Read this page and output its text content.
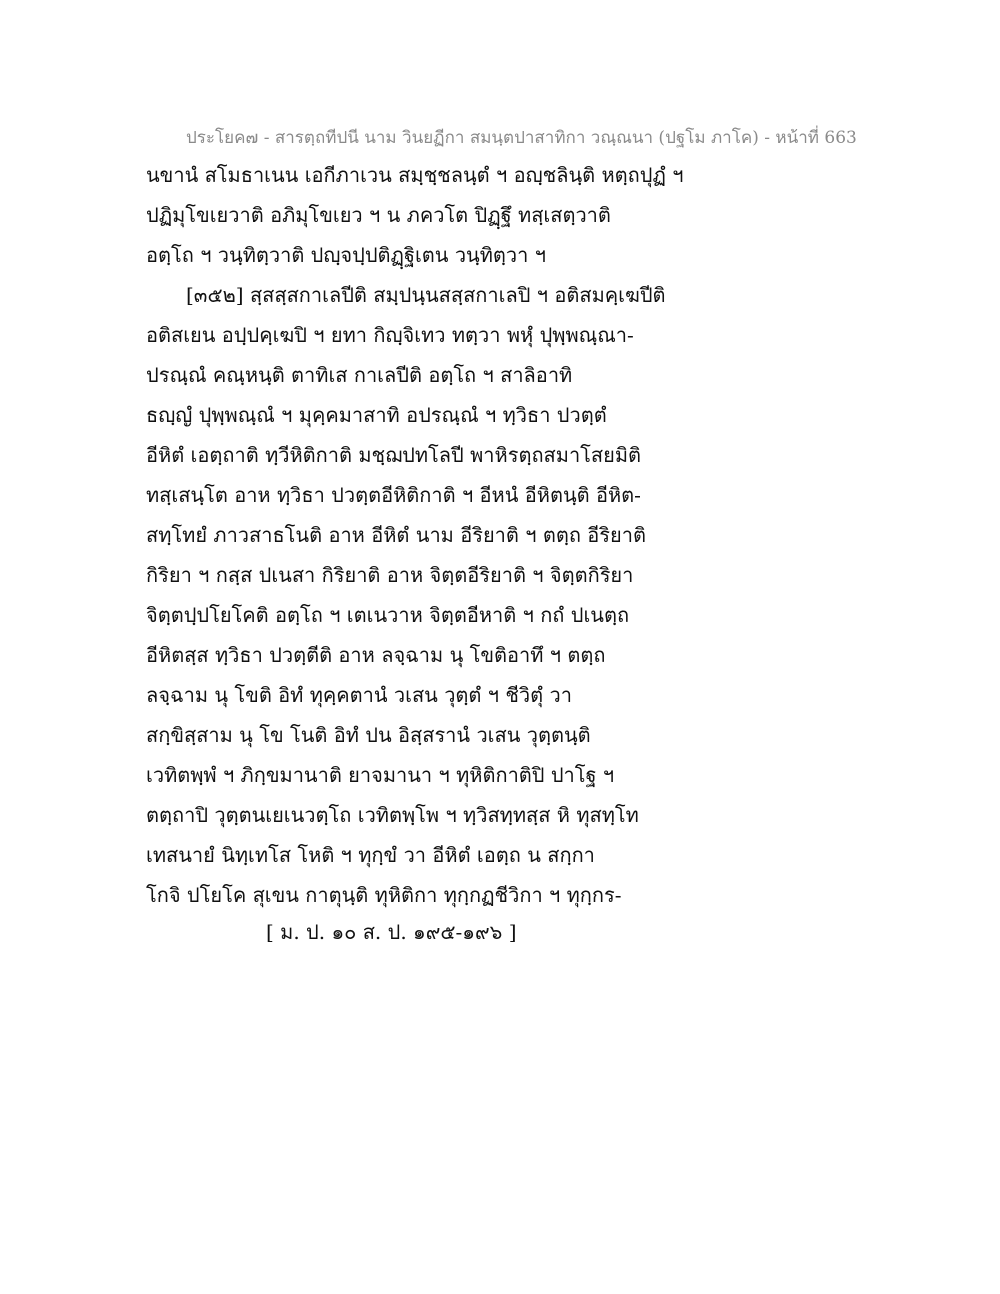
ประโยค๗ - สารตฺถทีปนี นาม วินยฏีกา สมนฺตปาสาทิกา วณฺณนา (ปฐโม ภาโค) - หน้าที่ 663
นขานํ สโมธาเนน เอกีภาเวน สมฺชฺชลนฺตํ ฯ อญฺชลินฺติ หตฺถปุฏํ ฯ
ปฏิมุโขเยวาติ อภิมุโขเยว ฯ น ภควโต ปิฏฺฐึ ทสฺเสตฺวาติ
อตฺโถ ฯ วนฺทิตฺวาติ ปญฺจปฺปติฏฺฐิเตน วนฺทิตฺวา ฯ
[๓๕๒] สฺสสฺสกาเลปีติ สมฺปนฺนสสฺสกาเลปิ ฯ อติสมคฺเฆปีติ
อติสเยน อปฺปคฺเฆปิ ฯ ยทา กิญฺจิเทว ทตฺวา พหุํ ปุพฺพณฺณา-
ปรณฺณํ คณฺหนฺติ ตาทิเส กาเลปีติ อตฺโถ ฯ สาลิอาทิ
ธญฺญํ ปุพฺพณฺณํ ฯ มุคฺคมาสาทิ อปรณฺณํ ฯ ทฺวิธา ปวตฺตํ
อีหิตํ เอตฺถาติ ทฺวีหิติกาติ มชฺฌปทโลปี พาหิรตฺถสมาโสยมิติ
ทสฺเสนฺโต อาห ทฺวิธา ปวตฺตอีหิติกาติ ฯ อีหนํ อีหิตนฺติ อีหิต-
สทฺโทยํ ภาวสาธโนติ อาห อีหิตํ นาม อีริยาติ ฯ ตตฺถ อีริยาติ
กิริยา ฯ กสฺส ปเนสา กิริยาติ อาห จิตฺตอีริยาติ ฯ จิตฺตกิริยา
จิตฺตปฺปโยโคติ อตฺโถ ฯ เตเนวาห จิตฺตอีหาติ ฯ กถํ ปเนตฺถ
อีหิตสฺส ทฺวิธา ปวตฺตีติ อาห ลจฺฉาม นุ โขติอาทึ ฯ ตตฺถ
ลจฺฉาม นุ โขติ อิทํ ทุคฺคตานํ วเสน วุตฺตํ ฯ ชีวิตุํ วา
สกฺขิสฺสาม นุ โข โนติ อิทํ ปน อิสฺสรานํ วเสน วุตฺตนฺติ
เวทิตพฺพํ ฯ ภิกฺขมานาติ ยาจมานา ฯ ทุหิติกาติปิ ปาโฐ ฯ
ตตฺถาปิ วุตฺตนเยเนวตฺโถ เวทิตพฺโพ ฯ ทฺวิสทฺทสฺส หิ ทุสทฺโท
เทสนายํ นิทฺเทโส โหติ ฯ ทุกฺขํ วา อีหิตํ เอตฺถ น สกฺกา
โกจิ ปโยโค สุเขน กาตุนฺติ ทุหิติกา ทุกฺกฏชีวิกา ฯ ทุกฺกร-
[ ม. ป. ๑๐ ส. ป. ๑๙๕-๑๙๖ ]
